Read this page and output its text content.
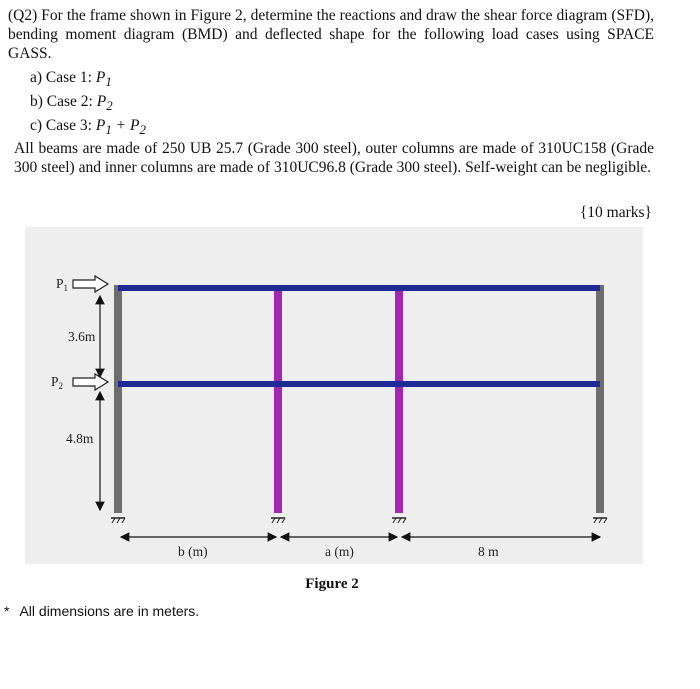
(Q2) For the frame shown in Figure 2, determine the reactions and draw the shear force diagram (SFD), bending moment diagram (BMD) and deflected shape for the following load cases using SPACE GASS.
a) Case 1: $P_1$
b) Case 2: $P_2$
c) Case 3: $P_1 + P_2$
All beams are made of 250 UB 25.7 (Grade 300 steel), outer columns are made of 310UC158 (Grade 300 steel) and inner columns are made of 310UC96.8 (Grade 300 steel). Self-weight can be negligible.
{10 marks}
$P_1$
$P_2$
3.6m
4.8m
b (m)	a (m)	8 m
Figure 2
* All dimensions are in meters.
